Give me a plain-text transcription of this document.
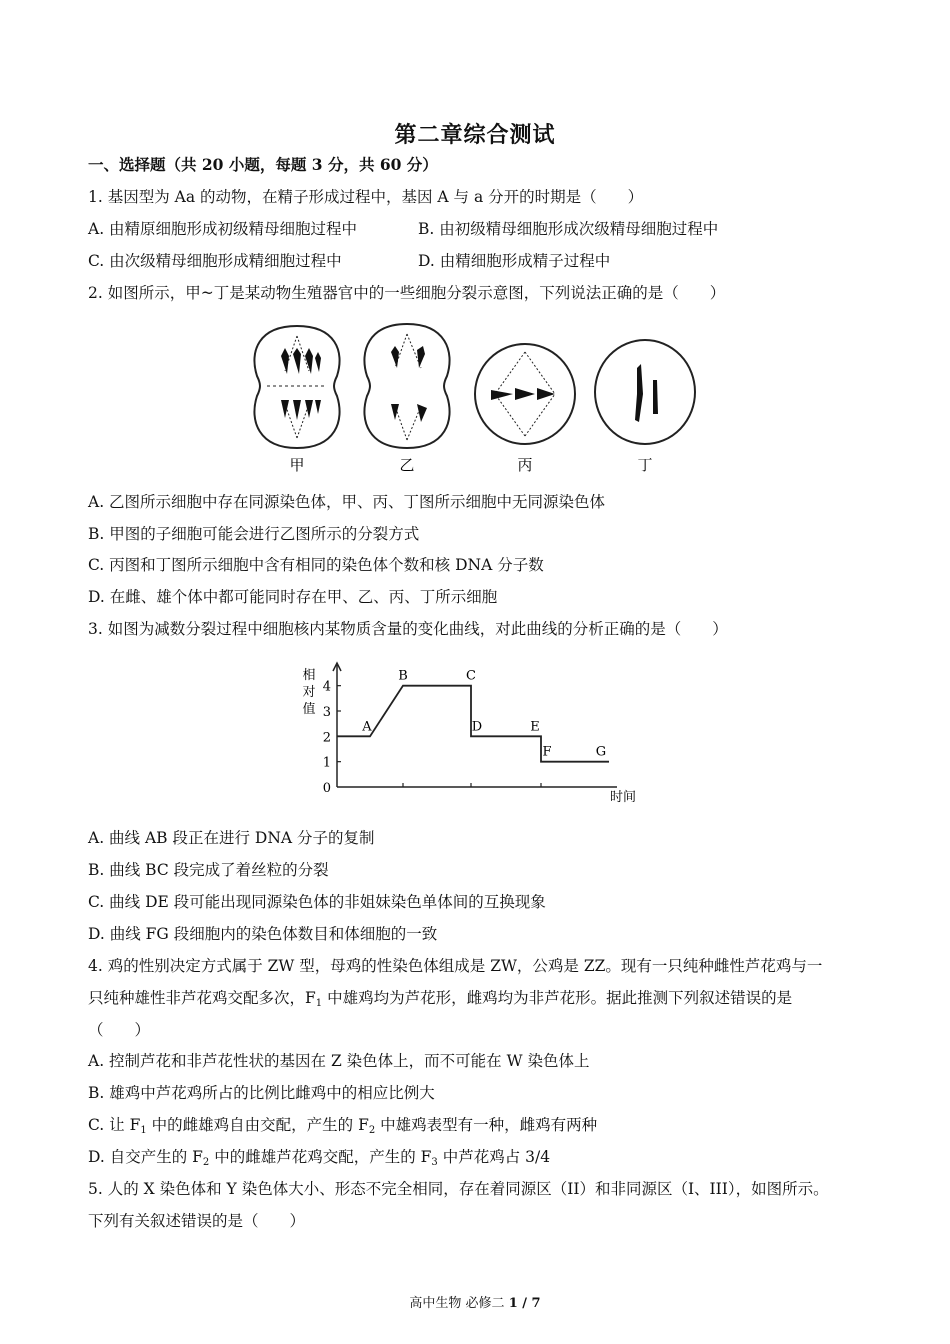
第二章综合测试
一、选择题（共 20 小题，每题 3 分，共 60 分）
1. 基因型为 Aa 的动物，在精子形成过程中，基因 A 与 a 分开的时期是（　　）
A. 由精原细胞形成初级精母细胞过程中	B. 由初级精母细胞形成次级精母细胞过程中
C. 由次级精母细胞形成精细胞过程中	D. 由精细胞形成精子过程中
2. 如图所示，甲~丁是某动物生殖器官中的一些细胞分裂示意图，下列说法正确的是（　　）
甲	乙	丙	丁
A. 乙图所示细胞中存在同源染色体，甲、丙、丁图所示细胞中无同源染色体
B. 甲图的子细胞可能会进行乙图所示的分裂方式
C. 丙图和丁图所示细胞中含有相同的染色体个数和核 DNA 分子数
D. 在雌、雄个体中都可能同时存在甲、乙、丙、丁所示细胞
3. 如图为减数分裂过程中细胞核内某物质含量的变化曲线，对此曲线的分析正确的是（　　）
相对值
时间
0
1
2
3
4
A
B	C
D	E
F	G
A. 曲线 AB 段正在进行 DNA 分子的复制
B. 曲线 BC 段完成了着丝粒的分裂
C. 曲线 DE 段可能出现同源染色体的非姐妹染色单体间的互换现象
D. 曲线 FG 段细胞内的染色体数目和体细胞的一致
4. 鸡的性别决定方式属于 ZW 型，母鸡的性染色体组成是 ZW，公鸡是 ZZ。现有一只纯种雌性芦花鸡与一
只纯种雄性非芦花鸡交配多次，$F_1$ 中雄鸡均为芦花形，雌鸡均为非芦花形。据此推测下列叙述错误的是
（　　）
A. 控制芦花和非芦花性状的基因在 Z 染色体上，而不可能在 W 染色体上
B. 雄鸡中芦花鸡所占的比例比雌鸡中的相应比例大
C. 让 $F_1$ 中的雌雄鸡自由交配，产生的 $F_2$ 中雄鸡表型有一种，雌鸡有两种
D. 自交产生的 $F_2$ 中的雌雄芦花鸡交配，产生的 $F_3$ 中芦花鸡占 3/4
5. 人的 X 染色体和 Y 染色体大小、形态不完全相同，存在着同源区（II）和非同源区（I、III），如图所示。
下列有关叙述错误的是（　　）
高中生物 必修二 1 / 7
